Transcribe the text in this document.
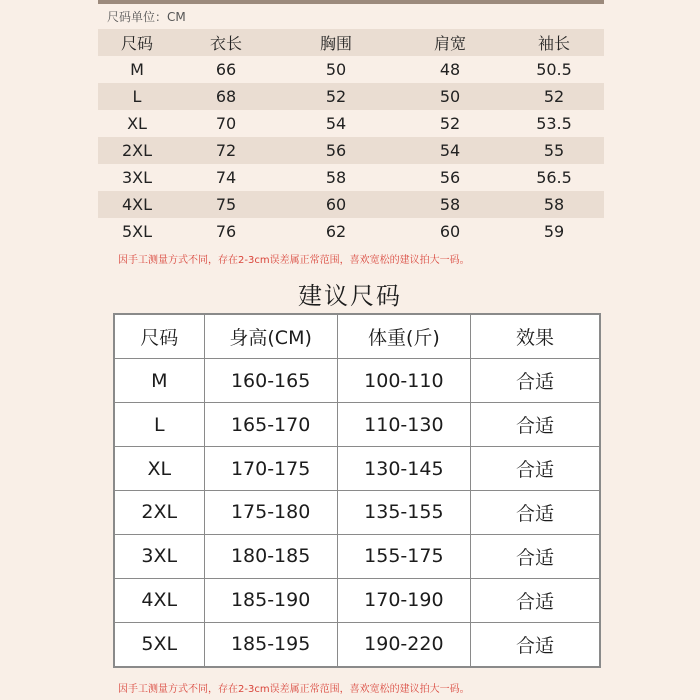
尺码单位：CM
尺码	衣长	胸围	肩宽	袖长
M	66	50	48	50.5
L	68	52	50	52
XL	70	54	52	53.5
2XL	72	56	54	55
3XL	74	58	56	56.5
4XL	75	60	58	58
5XL	76	62	60	59
因手工测量方式不同，存在2-3cm误差属正常范围，喜欢宽松的建议拍大一码。
建议尺码
尺码	身高(CM)	体重(斤)	效果
M	160-165	100-110	合适
L	165-170	110-130	合适
XL	170-175	130-145	合适
2XL	175-180	135-155	合适
3XL	180-185	155-175	合适
4XL	185-190	170-190	合适
5XL	185-195	190-220	合适
因手工测量方式不同，存在2-3cm误差属正常范围，喜欢宽松的建议拍大一码。
